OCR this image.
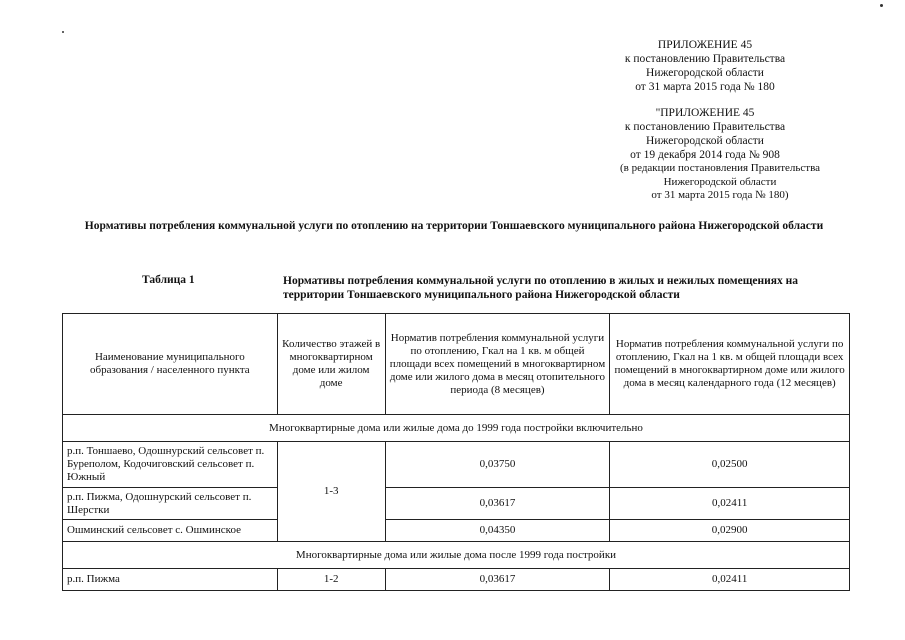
ПРИЛОЖЕНИЕ 45
к постановлению Правительства
Нижегородской области
от 31 марта 2015 года № 180
"ПРИЛОЖЕНИЕ 45
к постановлению Правительства
Нижегородской области
от 19 декабря 2014 года № 908
(в редакции постановления Правительства
Нижегородской области
от 31 марта 2015 года № 180)
Нормативы потребления коммунальной услуги по отоплению на территории Тоншаевского муниципального района Нижегородской области
Таблица 1	Нормативы потребления коммунальной услуги по отоплению в жилых и нежилых помещениях на
территории Тоншаевского муниципального района Нижегородской области
Наименование муниципального образования / населенного пункта	Количество этажей в многоквартирном доме или жилом доме	Норматив потребления коммунальной услуги по отоплению, Гкал на 1 кв. м общей площади всех помещений в многоквартирном доме или жилого дома в месяц отопительного периода (8 месяцев)	Норматив потребления коммунальной услуги по отоплению, Гкал на 1 кв. м общей площади всех помещений в многоквартирном доме или жилого дома в месяц календарного года (12 месяцев)
Многоквартирные дома или жилые дома до 1999 года постройки включительно			
р.п. Тоншаево, Одошнурский сельсовет п. Буреполом, Кодочиговский сельсовет п. Южный	1-3	0,03750	0,02500
р.п. Пижма, Одошнурский сельсовет п. Шерстки		0,03617	0,02411
Ошминский сельсовет с. Ошминское		0,04350	0,02900
Многоквартирные дома или жилые дома после 1999 года постройки			
р.п. Пижма	1-2	0,03617	0,02411
